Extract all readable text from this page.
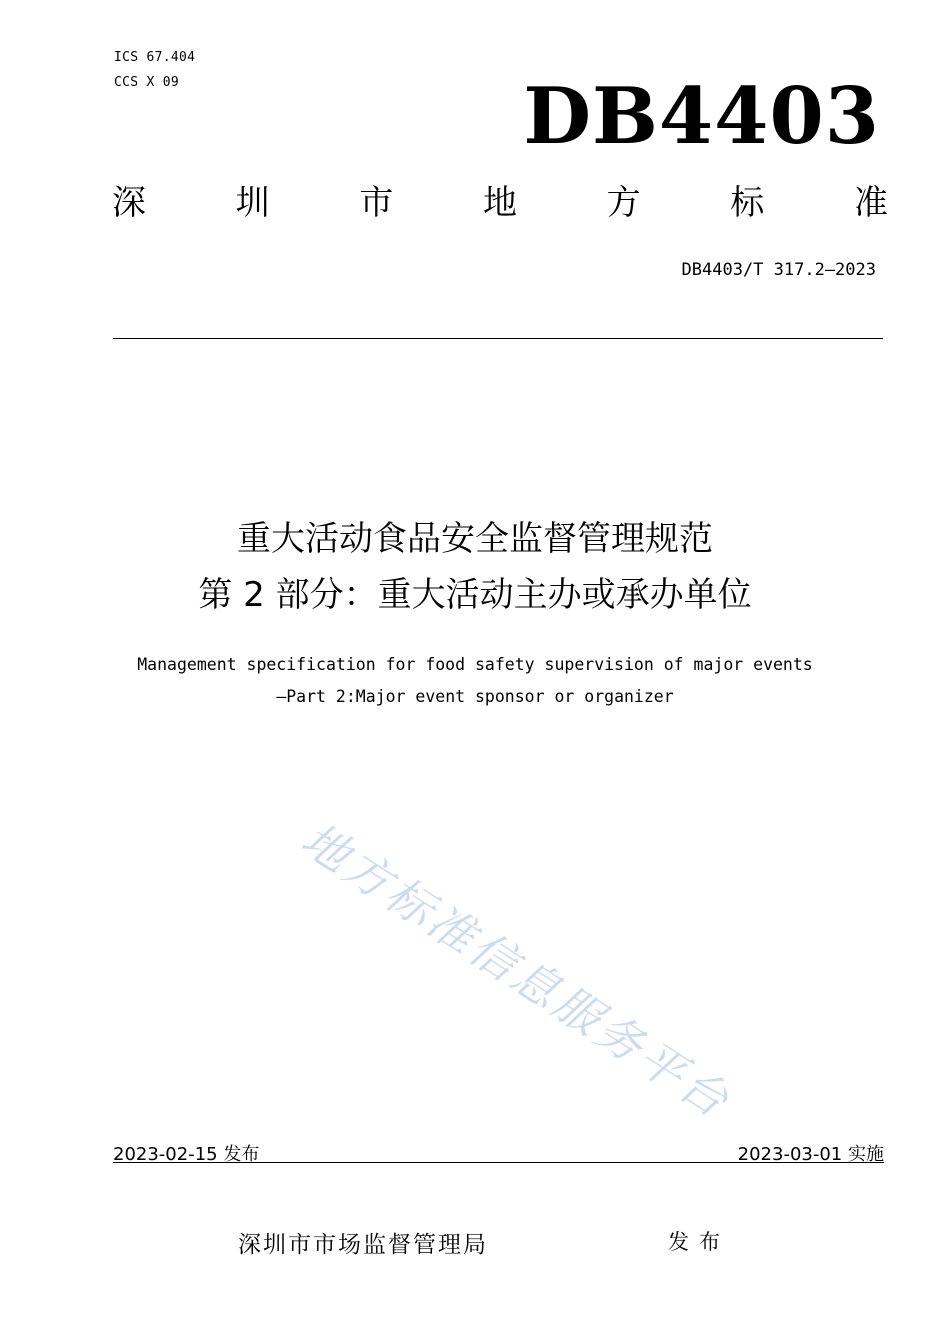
ICS 67.404
CCS X 09	DB4403
深	圳	市	地	方	标	准
DB4403/T 317.2—2023
重大活动食品安全监督管理规范
第 2 部分：重大活动主办或承办单位
Management specification for food safety supervision of major events
—Part 2:Major event sponsor or organizer
地方标准信息服务平台
2023-02-15 发布	2023-03-01 实施
深圳市市场监督管理局	发布
